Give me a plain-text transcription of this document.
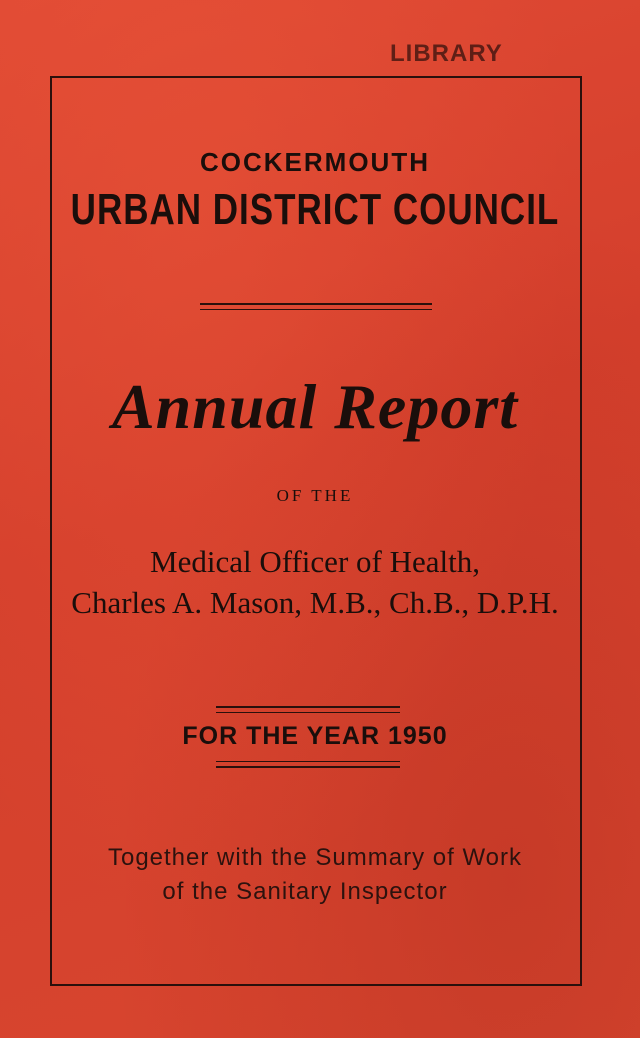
LIBRARY
COCKERMOUTH
URBAN DISTRICT COUNCIL
Annual Report
OF THE
Medical Officer of Health,
Charles A. Mason, M.B., Ch.B., D.P.H.
FOR THE YEAR 1950
Together with the Summary of Work
of the Sanitary Inspector
